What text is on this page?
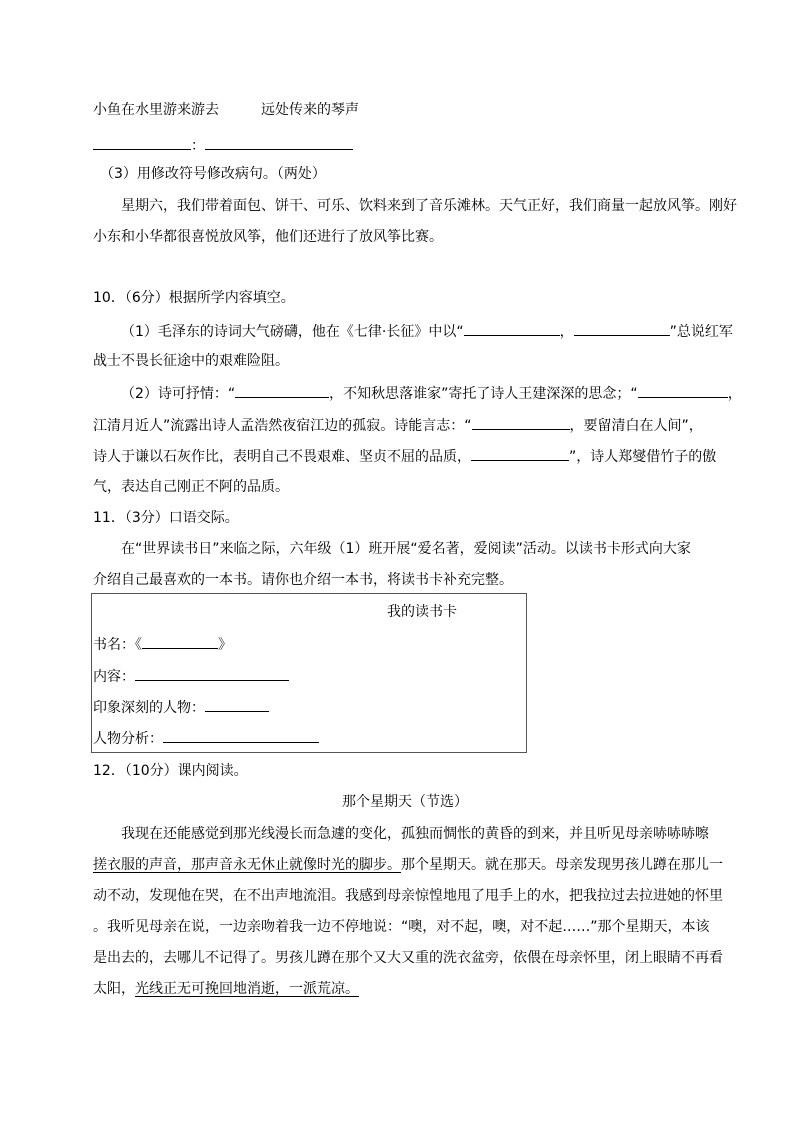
小鱼在水里游来游去	远处传来的琴声
：
（3）用修改符号修改病句。（两处）
星期六，我们带着面包、饼干、可乐、饮料来到了音乐滩林。天气正好，我们商量一起放风筝。刚好
小东和小华都很喜悦放风筝，他们还进行了放风筝比赛。
10．（6分）根据所学内容填空。
（1）毛泽东的诗词大气磅礴，他在《七律·长征》中以“	，	”总说红军
战士不畏长征途中的艰难险阻。
（2）诗可抒情：“	，不知秋思落谁家”寄托了诗人王建深深的思念；“	，
江清月近人”流露出诗人孟浩然夜宿江边的孤寂。诗能言志：“	，要留清白在人间”，
诗人于谦以石灰作比，表明自己不畏艰难、坚贞不屈的品质，	”，诗人郑燮借竹子的傲
气，表达自己刚正不阿的品质。
11．（3分）口语交际。
在“世界读书日”来临之际，六年级（1）班开展“爱名著，爱阅读”活动。以读书卡形式向大家
介绍自己最喜欢的一本书。请你也介绍一本书，将读书卡补充完整。
我的读书卡
书名：《	》
内容：
印象深刻的人物：
人物分析：
12．（10分）课内阅读。
那个星期天（节选）
我现在还能感觉到那光线漫长而急遽的变化，孤独而惆怅的黄昏的到来，并且听见母亲哧哧哧嚓
搓衣服的声音，那声音永无休止就像时光的脚步。那个星期天。就在那天。母亲发现男孩儿蹲在那儿一
动不动，发现他在哭，在不出声地流泪。我感到母亲惊惶地甩了甩手上的水，把我拉过去拉进她的怀里
。我听见母亲在说，一边亲吻着我一边不停地说：“噢，对不起，噢，对不起……”那个星期天，本该
是出去的，去哪儿不记得了。男孩儿蹲在那个又大又重的洗衣盆旁，依偎在母亲怀里，闭上眼睛不再看
太阳，光线正无可挽回地消逝，一派荒凉。
